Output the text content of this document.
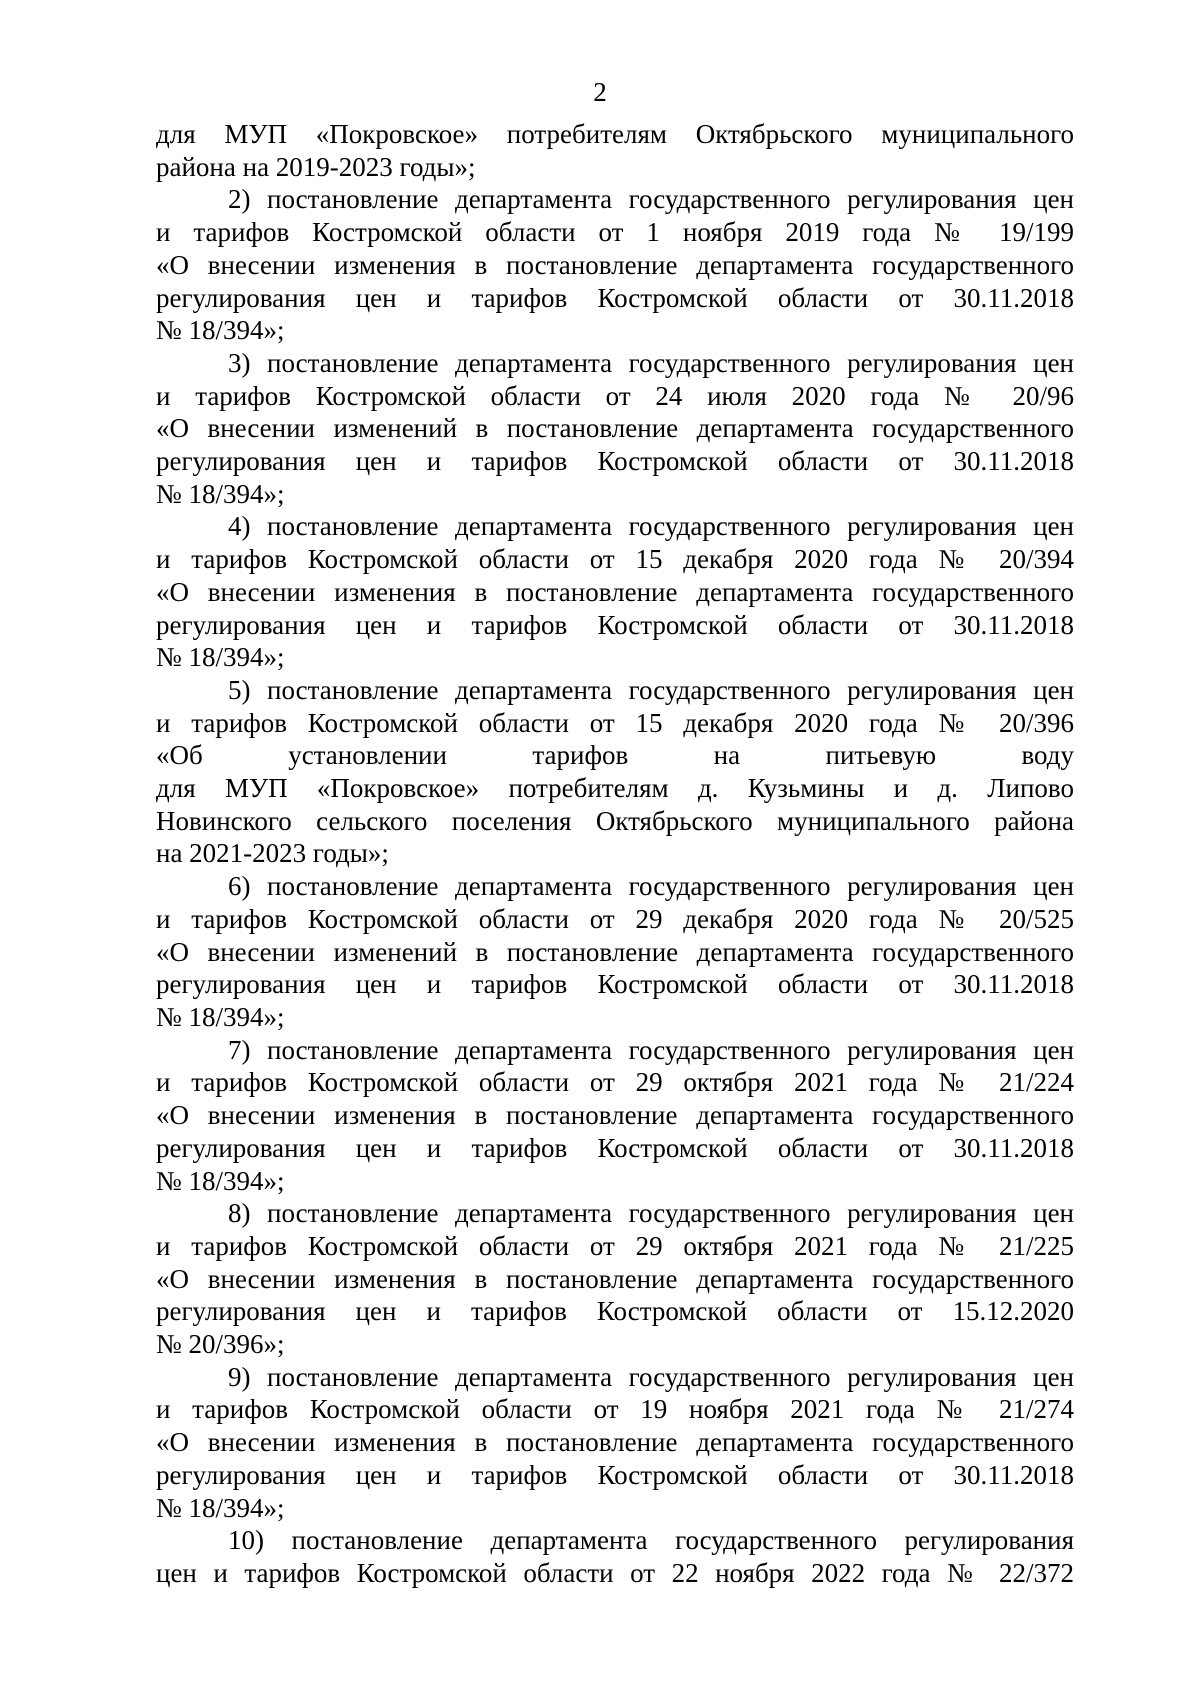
2

для МУП «Покровское» потребителям Октябрьского муниципального
района на 2019-2023 годы»;

2) постановление департамента государственного регулирования цен
и тарифов Костромской области от 1 ноября 2019 года № 19/199
«О внесении изменения в постановление департамента государственного
регулирования цен и тарифов Костромской области от 30.11.2018
№ 18/394»;

3) постановление департамента государственного регулирования цен
и тарифов Костромской области от 24 июля 2020 года № 20/96
«О внесении изменений в постановление департамента государственного
регулирования цен и тарифов Костромской области от 30.11.2018
№ 18/394»;

4) постановление департамента государственного регулирования цен
и тарифов Костромской области от 15 декабря 2020 года № 20/394
«О внесении изменения в постановление департамента государственного
регулирования цен и тарифов Костромской области от 30.11.2018
№ 18/394»;

5) постановление департамента государственного регулирования цен
и тарифов Костромской области от 15 декабря 2020 года № 20/396
«Об установлении тарифов на питьевую воду
для МУП «Покровское» потребителям д. Кузьмины и д. Липово
Новинского сельского поселения Октябрьского муниципального района
на 2021-2023 годы»;

6) постановление департамента государственного регулирования цен
и тарифов Костромской области от 29 декабря 2020 года № 20/525
«О внесении изменений в постановление департамента государственного
регулирования цен и тарифов Костромской области от 30.11.2018
№ 18/394»;

7) постановление департамента государственного регулирования цен
и тарифов Костромской области от 29 октября 2021 года № 21/224
«О внесении изменения в постановление департамента государственного
регулирования цен и тарифов Костромской области от 30.11.2018
№ 18/394»;

8) постановление департамента государственного регулирования цен
и тарифов Костромской области от 29 октября 2021 года № 21/225
«О внесении изменения в постановление департамента государственного
регулирования цен и тарифов Костромской области от 15.12.2020
№ 20/396»;

9) постановление департамента государственного регулирования цен
и тарифов Костромской области от 19 ноября 2021 года № 21/274
«О внесении изменения в постановление департамента государственного
регулирования цен и тарифов Костромской области от 30.11.2018
№ 18/394»;

10) постановление департамента государственного регулирования
цен и тарифов Костромской области от 22 ноября 2022 года № 22/372
